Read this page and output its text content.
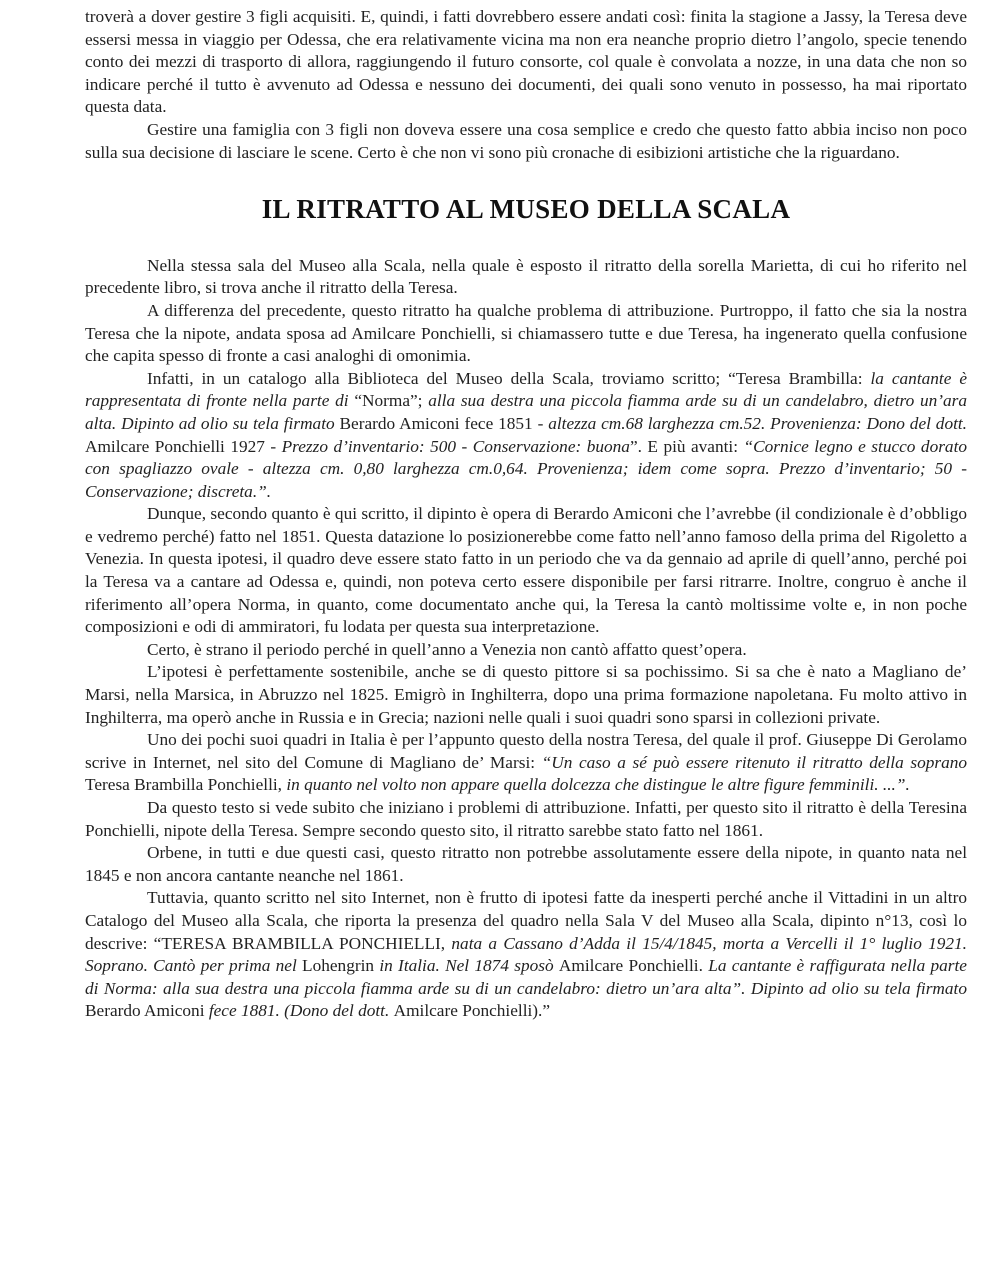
troverà a dover gestire 3 figli acquisiti. E, quindi, i fatti dovrebbero essere andati così: finita la stagione a Jassy, la Teresa deve essersi messa in viaggio per Odessa, che era relativamente vicina ma non era neanche proprio dietro l’angolo, specie tenendo conto dei mezzi di trasporto di allora, raggiungendo il futuro consorte, col quale è convolata a nozze, in una data che non so indicare perché il tutto è avvenuto ad Odessa e nessuno dei documenti, dei quali sono venuto in possesso, ha mai riportato questa data.

Gestire una famiglia con 3 figli non doveva essere una cosa semplice e credo che questo fatto abbia inciso non poco sulla sua decisione di lasciare le scene. Certo è che non vi sono più cronache di esibizioni artistiche che la riguardano.

IL RITRATTO AL MUSEO DELLA SCALA

Nella stessa sala del Museo alla Scala, nella quale è esposto il ritratto della sorella Marietta, di cui ho riferito nel precedente libro, si trova anche il ritratto della Teresa.

A differenza del precedente, questo ritratto ha qualche problema di attribuzione. Purtroppo, il fatto che sia la nostra Teresa che la nipote, andata sposa ad Amilcare Ponchielli, si chiamassero tutte e due Teresa, ha ingenerato quella confusione che capita spesso di fronte a casi analoghi di omonimia.

Infatti, in un catalogo alla Biblioteca del Museo della Scala, troviamo scritto; “Teresa Brambilla: la cantante è rappresentata di fronte nella parte di “Norma”; alla sua destra una piccola fiamma arde su di un candelabro, dietro un’ara alta. Dipinto ad olio su tela firmato Berardo Amiconi fece 1851 - altezza cm.68 larghezza cm.52. Provenienza: Dono del dott. Amilcare Ponchielli 1927 - Prezzo d’inventario: 500 - Conservazione: buona”. E più avanti: “Cornice legno e stucco dorato con spagliazzo ovale - altezza cm. 0,80 larghezza cm.0,64. Provenienza; idem come sopra. Prezzo d’inventario; 50 - Conservazione; discreta.”.

Dunque, secondo quanto è qui scritto, il dipinto è opera di Berardo Amiconi che l’avrebbe (il condizionale è d’obbligo e vedremo perché) fatto nel 1851. Questa datazione lo posizionerebbe come fatto nell’anno famoso della prima del Rigoletto a Venezia. In questa ipotesi, il quadro deve essere stato fatto in un periodo che va da gennaio ad aprile di quell’anno, perché poi la Teresa va a cantare ad Odessa e, quindi, non poteva certo essere disponibile per farsi ritrarre. Inoltre, congruo è anche il riferimento all’opera Norma, in quanto, come documentato anche qui, la Teresa la cantò moltissime volte e, in non poche composizioni e odi di ammiratori, fu lodata per questa sua interpretazione.

Certo, è strano il periodo perché in quell’anno a Venezia non cantò affatto quest’opera.

L’ipotesi è perfettamente sostenibile, anche se di questo pittore si sa pochissimo. Si sa che è nato a Magliano de’ Marsi, nella Marsica, in Abruzzo nel 1825. Emigrò in Inghilterra, dopo una prima formazione napoletana. Fu molto attivo in Inghilterra, ma operò anche in Russia e in Grecia; nazioni nelle quali i suoi quadri sono sparsi in collezioni private.

Uno dei pochi suoi quadri in Italia è per l’appunto questo della nostra Teresa, del quale il prof. Giuseppe Di Gerolamo scrive in Internet, nel sito del Comune di Magliano de’ Marsi: “Un caso a sé può essere ritenuto il ritratto della soprano Teresa Brambilla Ponchielli, in quanto nel volto non appare quella dolcezza che distingue le altre figure femminili. ...”.

Da questo testo si vede subito che iniziano i problemi di attribuzione. Infatti, per questo sito il ritratto è della Teresina Ponchielli, nipote della Teresa. Sempre secondo questo sito, il ritratto sarebbe stato fatto nel 1861.

Orbene, in tutti e due questi casi, questo ritratto non potrebbe assolutamente essere della nipote, in quanto nata nel 1845 e non ancora cantante neanche nel 1861.

Tuttavia, quanto scritto nel sito Internet, non è frutto di ipotesi fatte da inesperti perché anche il Vittadini in un altro Catalogo del Museo alla Scala, che riporta la presenza del quadro nella Sala V del Museo alla Scala, dipinto n°13, così lo descrive: “TERESA BRAMBILLA PONCHIELLI, nata a Cassano d’Adda il 15/4/1845, morta a Vercelli il 1° luglio 1921. Soprano. Cantò per prima nel Lohengrin in Italia. Nel 1874 sposò Amilcare Ponchielli. La cantante è raffigurata nella parte di Norma: alla sua destra una piccola fiamma arde su di un candelabro: dietro un’ara alta”. Dipinto ad olio su tela firmato Berardo Amiconi fece 1881. (Dono del dott. Amilcare Ponchielli).”
